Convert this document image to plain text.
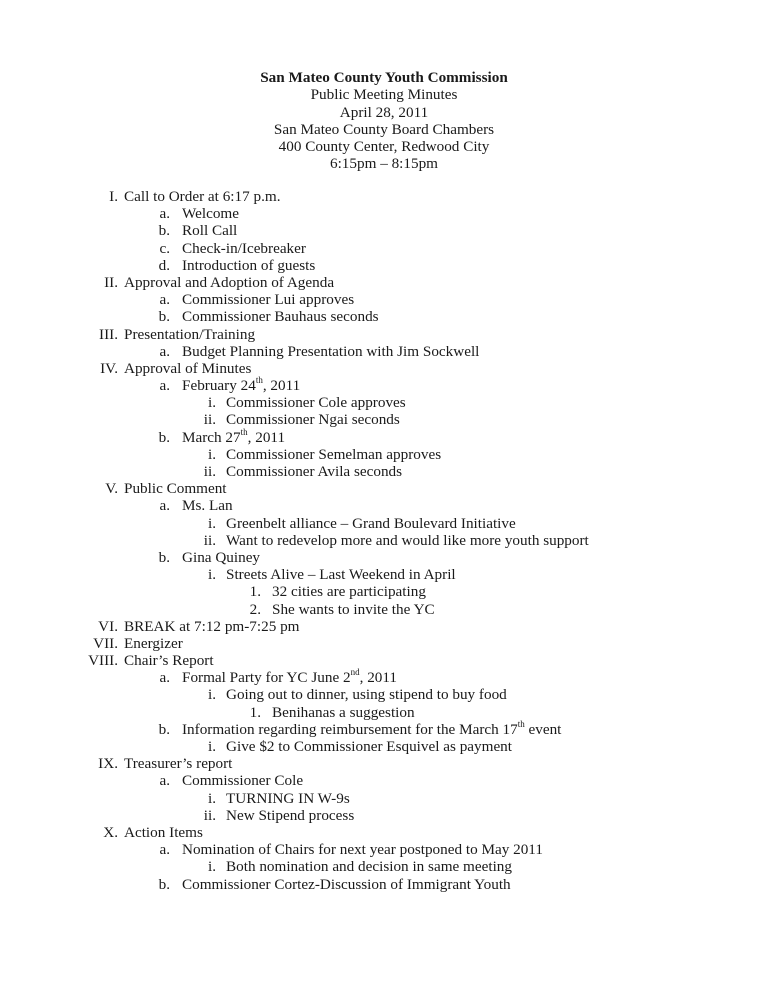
San Mateo County Youth Commission
Public Meeting Minutes
April 28, 2011
San Mateo County Board Chambers
400 County Center, Redwood City
6:15pm – 8:15pm
I. Call to Order at 6:17 p.m.
a. Welcome
b. Roll Call
c. Check-in/Icebreaker
d. Introduction of guests
II. Approval and Adoption of Agenda
a. Commissioner Lui approves
b. Commissioner Bauhaus seconds
III. Presentation/Training
a. Budget Planning Presentation with Jim Sockwell
IV. Approval of Minutes
a. February 24th, 2011
i. Commissioner Cole approves
ii. Commissioner Ngai seconds
b. March 27th, 2011
i. Commissioner Semelman approves
ii. Commissioner Avila seconds
V. Public Comment
a. Ms. Lan
i. Greenbelt alliance – Grand Boulevard Initiative
ii. Want to redevelop more and would like more youth support
b. Gina Quiney
i. Streets Alive – Last Weekend in April
1. 32 cities are participating
2. She wants to invite the YC
VI. BREAK at 7:12 pm-7:25 pm
VII. Energizer
VIII. Chair’s Report
a. Formal Party for YC June 2nd, 2011
i. Going out to dinner, using stipend to buy food
1. Benihanas a suggestion
b. Information regarding reimbursement for the March 17th event
i. Give $2 to Commissioner Esquivel as payment
IX. Treasurer’s report
a. Commissioner Cole
i. TURNING IN W-9s
ii. New Stipend process
X. Action Items
a. Nomination of Chairs for next year postponed to May 2011
i. Both nomination and decision in same meeting
b. Commissioner Cortez-Discussion of Immigrant Youth
